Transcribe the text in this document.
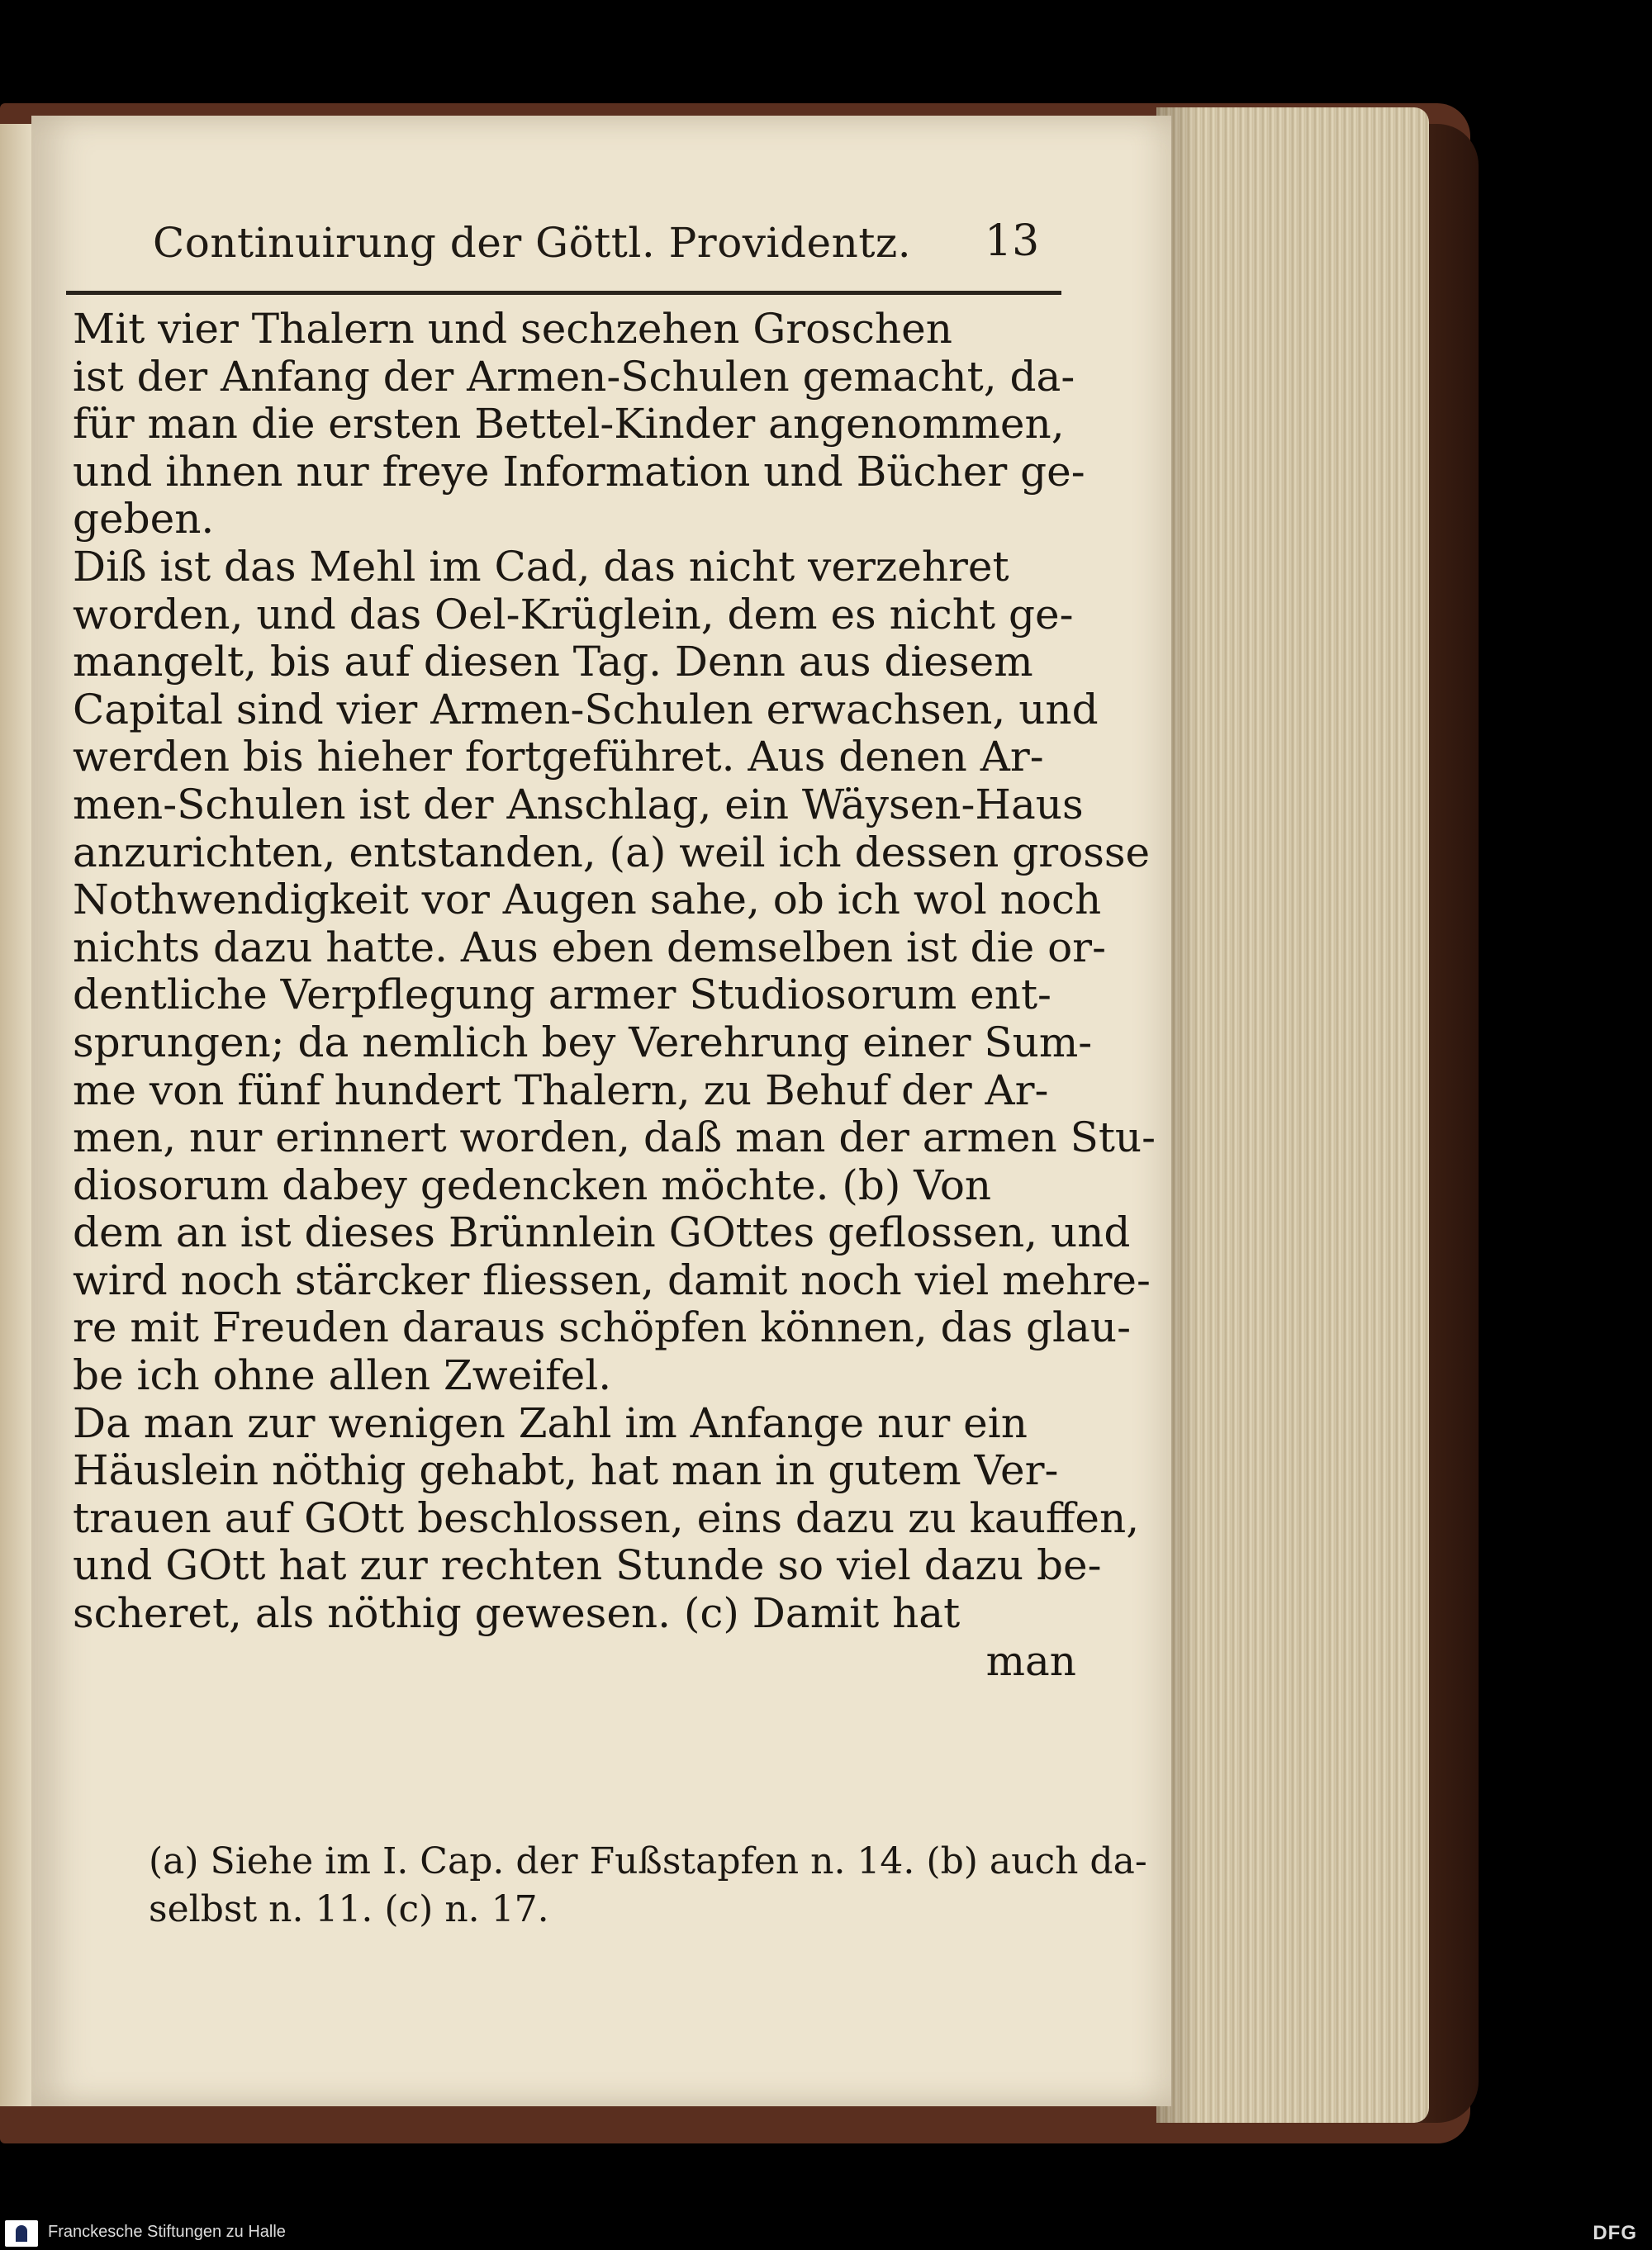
Continuirung der Göttl. Providentz.	13
Mit vier Thalern und sechzehen Groschen
ist der Anfang der Armen-Schulen gemacht, da-
für man die ersten Bettel-Kinder angenommen,
und ihnen nur freye Information und Bücher ge-
geben.
Diß ist das Mehl im Cad, das nicht verzehret
worden, und das Oel-Krüglein, dem es nicht ge-
mangelt, bis auf diesen Tag. Denn aus diesem
Capital sind vier Armen-Schulen erwachsen, und
werden bis hieher fortgeführet. Aus denen Ar-
men-Schulen ist der Anschlag, ein Wäysen-Haus
anzurichten, entstanden, (a) weil ich dessen grosse
Nothwendigkeit vor Augen sahe, ob ich wol noch
nichts dazu hatte. Aus eben demselben ist die or-
dentliche Verpflegung armer Studiosorum ent-
sprungen; da nemlich bey Verehrung einer Sum-
me von fünf hundert Thalern, zu Behuf der Ar-
men, nur erinnert worden, daß man der armen Stu-
diosorum dabey gedencken möchte. (b) Von
dem an ist dieses Brünnlein GOttes geflossen, und
wird noch stärcker fliessen, damit noch viel mehre-
re mit Freuden daraus schöpfen können, das glau-
be ich ohne allen Zweifel.
Da man zur wenigen Zahl im Anfange nur ein
Häuslein nöthig gehabt, hat man in gutem Ver-
trauen auf GOtt beschlossen, eins dazu zu kauffen,
und GOtt hat zur rechten Stunde so viel dazu be-
scheret, als nöthig gewesen. (c) Damit hat
man
(a) Siehe im I. Cap. der Fußstapfen n. 14. (b) auch da-
selbst n. 11. (c) n. 17.
Franckesche Stiftungen zu Halle	DFG
